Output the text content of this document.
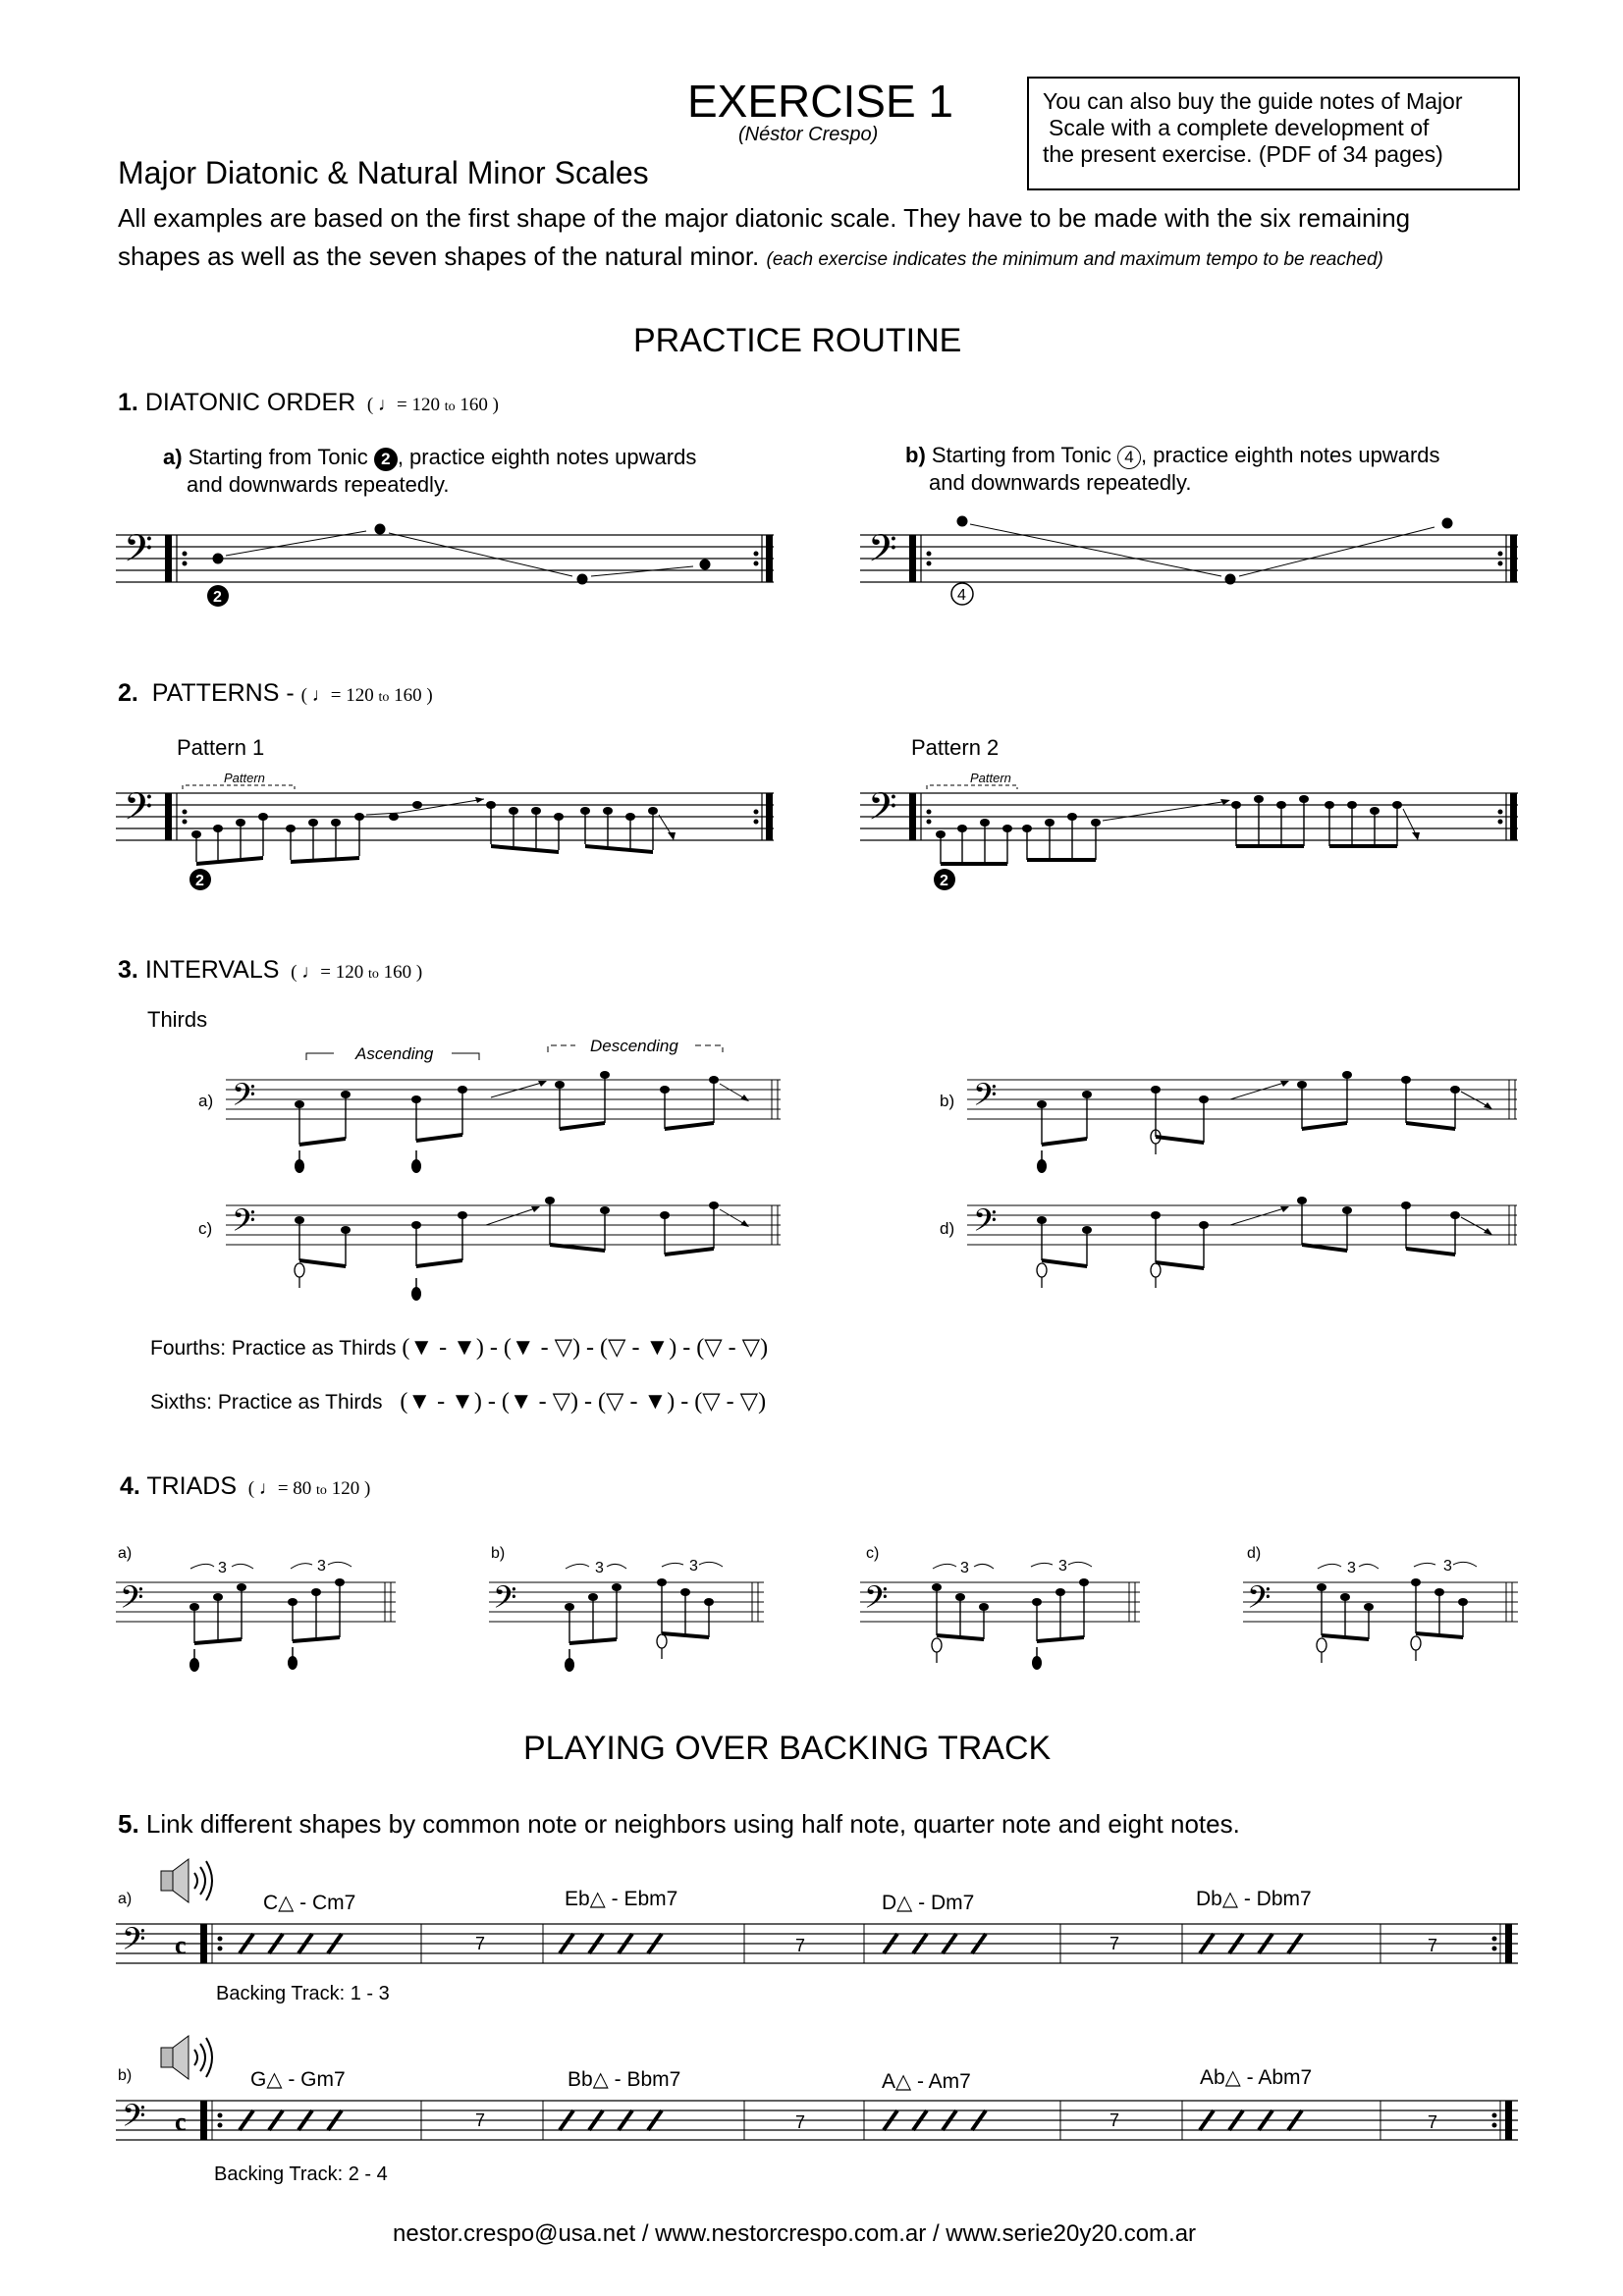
EXERCISE 1
(Néstor Crespo)
Major Diatonic & Natural Minor Scales
All examples are based on the first shape of the major diatonic scale. They have to be made with the six remaining
shapes as well as the seven shapes of the natural minor. (each exercise indicates the minimum and maximum tempo to be reached)
You can also buy the guide notes of Major
Scale with a complete development of
the present exercise. (PDF of 34 pages)
PRACTICE ROUTINE
1. DIATONIC ORDER  ( ♩= 120 to 160 )
a) Starting from Tonic 2 , practice eighth notes upwards
and downwards repeatedly.
b) Starting from Tonic 4 , practice eighth notes upwards
and downwards repeatedly.
𝄢
2
𝄢
4
2. PATTERNS - ( ♩= 120 to 160 )
Pattern 1	Pattern 2
Pattern
𝄢
2
Pattern
𝄢
2
3. INTERVALS  ( ♩= 120 to 160 )
Thirds
Ascending	Descending
a)	b)
c)	d)
𝄢	𝄢
𝄢	𝄢
Fourths: Practice as Thirds (▼ - ▼) - (▼ - ▽) - (▽ - ▼) - (▽ - ▽)
Sixths: Practice as Thirds   (▼ - ▼) - (▼ - ▽) - (▽ - ▼) - (▽ - ▽)
4. TRIADS  ( ♩= 80 to 120 )
a)	b)	c)	d)
3	3
𝄢
3	3
𝄢
3	3
𝄢
3	3
𝄢
PLAYING OVER BACKING TRACK
5. Link different shapes by common note or neighbors using half note, quarter note and eight notes.
a)	C△ - Cm7	Eb△ - Ebm7	D△ - Dm7	Db△ - Dbm7
𝄢 c	7	7	7	7
Backing Track: 1 - 3
b)	G△ - Gm7	Bb△ - Bbm7	A△ - Am7	Ab△ - Abm7
𝄢 c	7	7	7	7
Backing Track: 2 - 4
nestor.crespo@usa.net / www.nestorcrespo.com.ar / www.serie20y20.com.ar
